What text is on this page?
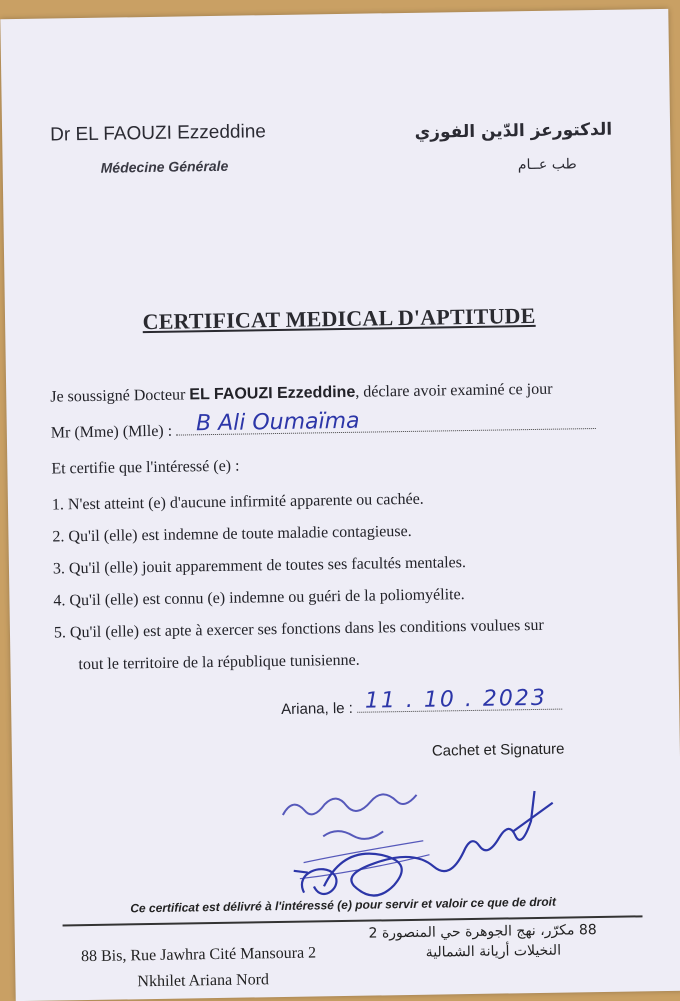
Dr EL FAOUZI Ezzeddine
Médecine Générale
الدكتورعز الدّين الفوزي
طب عــام
CERTIFICAT MEDICAL D'APTITUDE
Je soussigné Docteur EL FAOUZI Ezzeddine, déclare avoir examiné ce jour
Mr (Mme) (Mlle) : B Ali Oumaïma
Et certifie que l'intéressé (e) :
1. N'est atteint (e) d'aucune infirmité apparente ou cachée.
2. Qu'il (elle) est indemne de toute maladie contagieuse.
3. Qu'il (elle) jouit apparemment de toutes ses facultés mentales.
4. Qu'il (elle) est connu (e) indemne ou guéri de la poliomyélite.
5. Qu'il (elle) est apte à exercer ses fonctions dans les conditions voulues sur
tout le territoire de la république tunisienne.
Ariana, le : 11 . 10 . 2023
Cachet et Signature
Ce certificat est délivré à l'intéressé (e) pour servir et valoir ce que de droit
88 Bis, Rue Jawhra Cité Mansoura 2
Nkhilet Ariana Nord
88 مكرّر، نهج الجوهرة حي المنصورة 2
النخيلات أريانة الشمالية
